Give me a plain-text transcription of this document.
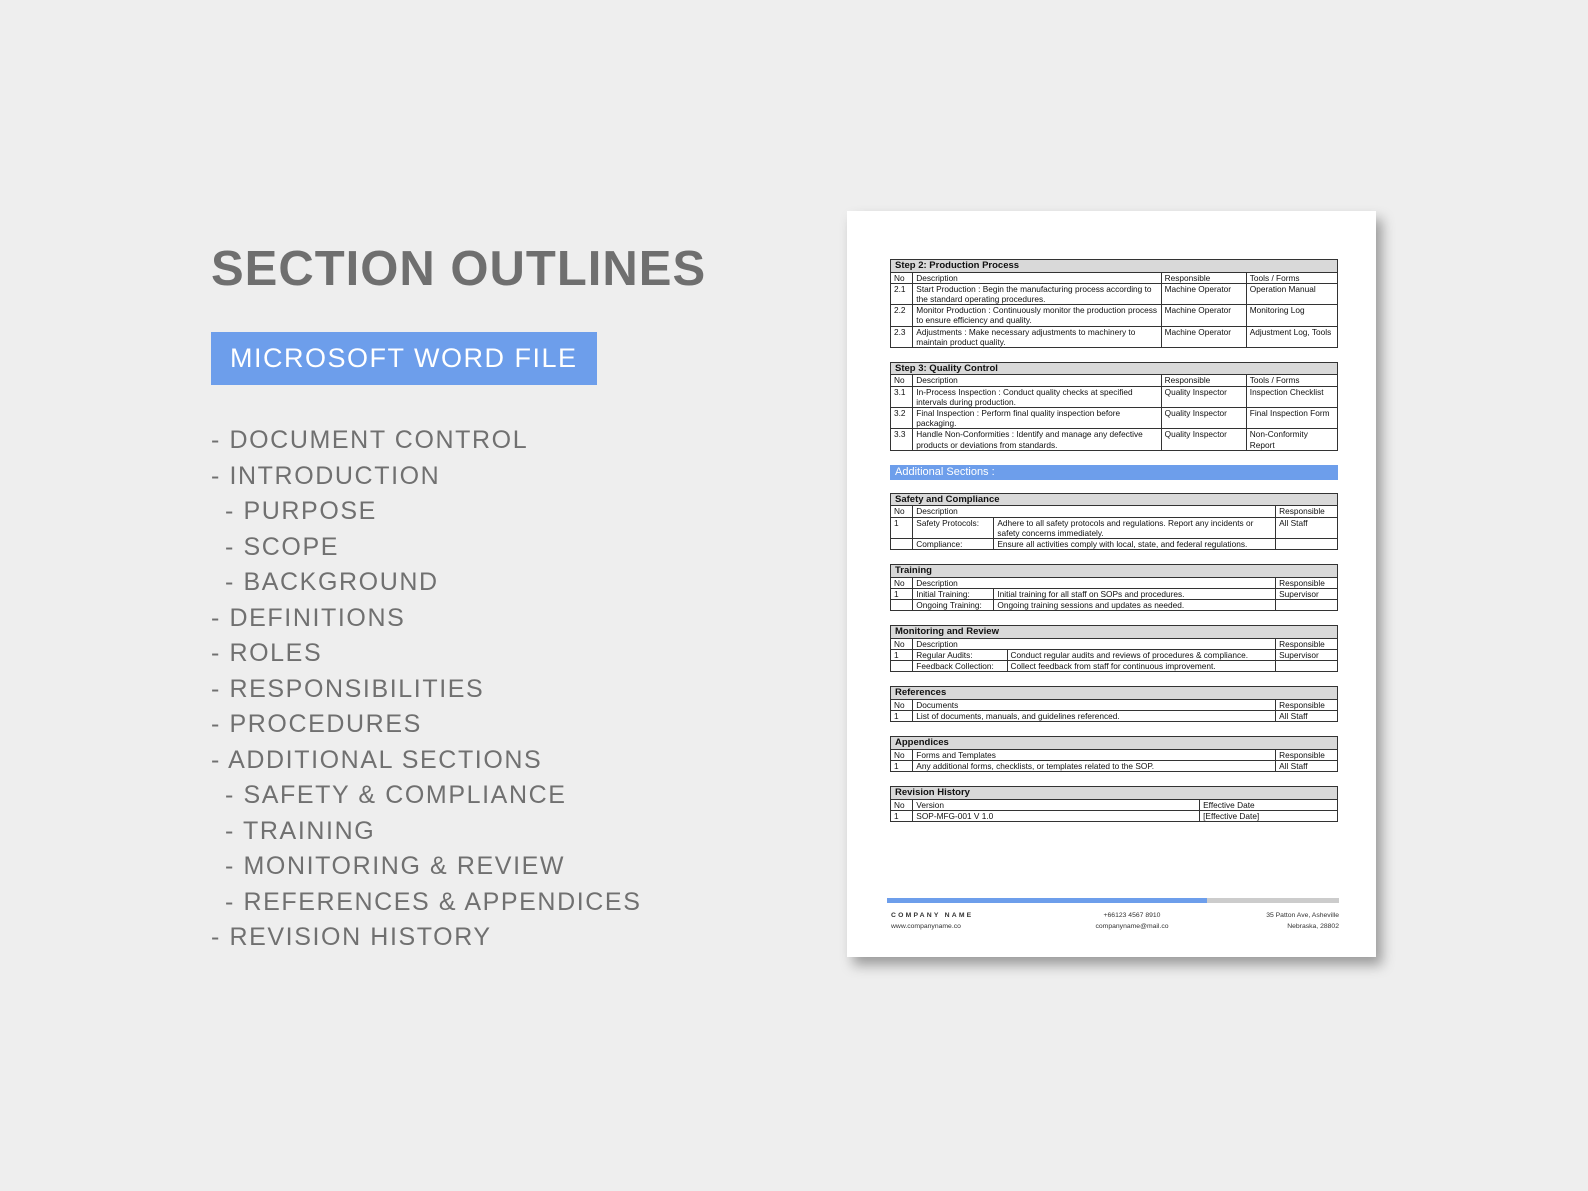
SECTION OUTLINES
MICROSOFT WORD FILE
- DOCUMENT CONTROL
- INTRODUCTION
- PURPOSE
- SCOPE
- BACKGROUND
- DEFINITIONS
- ROLES
- RESPONSIBILITIES
- PROCEDURES
- ADDITIONAL SECTIONS
- SAFETY & COMPLIANCE
- TRAINING
- MONITORING & REVIEW
- REFERENCES & APPENDICES
- REVISION HISTORY
Step 2: Production Process			
No	Description	Responsible	Tools / Forms
2.1	Start Production : Begin the manufacturing process according to the standard operating procedures.	Machine Operator	Operation Manual
2.2	Monitor Production : Continuously monitor the production process to ensure efficiency and quality.	Machine Operator	Monitoring Log
2.3	Adjustments : Make necessary adjustments to machinery to maintain product quality.	Machine Operator	Adjustment Log, Tools
Step 3: Quality Control			
No	Description	Responsible	Tools / Forms
3.1	In-Process Inspection : Conduct quality checks at specified intervals during production.	Quality Inspector	Inspection Checklist
3.2	Final Inspection : Perform final quality inspection before packaging.	Quality Inspector	Final Inspection Form
3.3	Handle Non-Conformities : Identify and manage any defective products or deviations from standards.	Quality Inspector	Non-Conformity Report
Additional Sections :
Safety and Compliance			
No	Description		Responsible
1	Safety Protocols:	Adhere to all safety protocols and regulations. Report any incidents or safety concerns immediately.	All Staff
	Compliance:	Ensure all activities comply with local, state, and federal regulations.	
Training			
No	Description		Responsible
1	Initial Training:	Initial training for all staff on SOPs and procedures.	Supervisor
	Ongoing Training:	Ongoing training sessions and updates as needed.	
Monitoring and Review			
No	Description		Responsible
1	Regular Audits:	Conduct regular audits and reviews of procedures & compliance.	Supervisor
	Feedback Collection:	Collect feedback from staff for continuous improvement.	
References		
No	Documents	Responsible
1	List of documents, manuals, and guidelines referenced.	All Staff
Appendices		
No	Forms and Templates	Responsible
1	Any additional forms, checklists, or templates related to the SOP.	All Staff
Revision History		
No	Version	Effective Date
1	SOP-MFG-001 V 1.0	[Effective Date]
COMPANY NAME
www.companyname.co
+66123 4567 8910
companyname@mail.co
35 Patton Ave, Asheville
Nebraska, 28802
